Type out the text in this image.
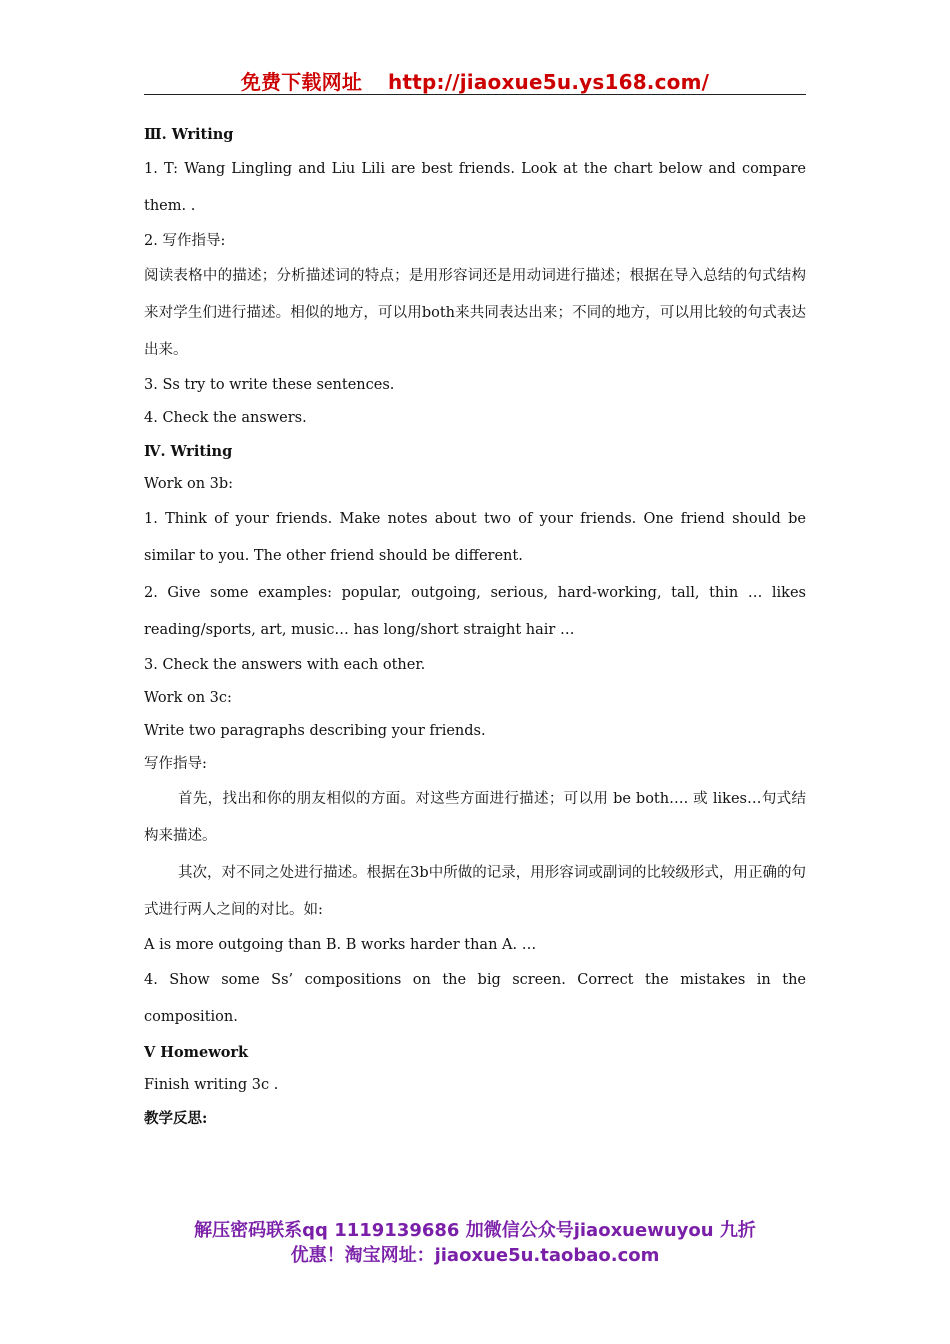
免费下载网址 http://jiaoxue5u.ys168.com/

Ⅲ. Writing

1. T: Wang Lingling and Liu Lili are best friends. Look at the chart below and compare them. .

2. 写作指导:

阅读表格中的描述；分析描述词的特点；是用形容词还是用动词进行描述；根据在导入总结的句式结构来对学生们进行描述。相似的地方，可以用both来共同表达出来；不同的地方，可以用比较的句式表达出来。

3. Ss try to write these sentences.

4. Check the answers.

Ⅳ. Writing

Work on 3b:

1. Think of your friends. Make notes about two of your friends. One friend should be similar to you. The other friend should be different.

2. Give some examples: popular, outgoing, serious, hard-working, tall, thin … likes reading/sports, art, music… has long/short straight hair …

3. Check the answers with each other.

Work on 3c:

Write two paragraphs describing your friends.

写作指导:

首先，找出和你的朋友相似的方面。对这些方面进行描述；可以用 be both…. 或 likes…句式结构来描述。

其次，对不同之处进行描述。根据在3b中所做的记录，用形容词或副词的比较级形式，用正确的句式进行两人之间的对比。如:

A is more outgoing than B. B works harder than A. …

4. Show some Ss’ compositions on the big screen. Correct the mistakes in the composition.

Ⅴ Homework

Finish writing 3c .

教学反思:

解压密码联系qq 1119139686 加微信公众号jiaoxuewuyou 九折
优惠！淘宝网址：jiaoxue5u.taobao.com
